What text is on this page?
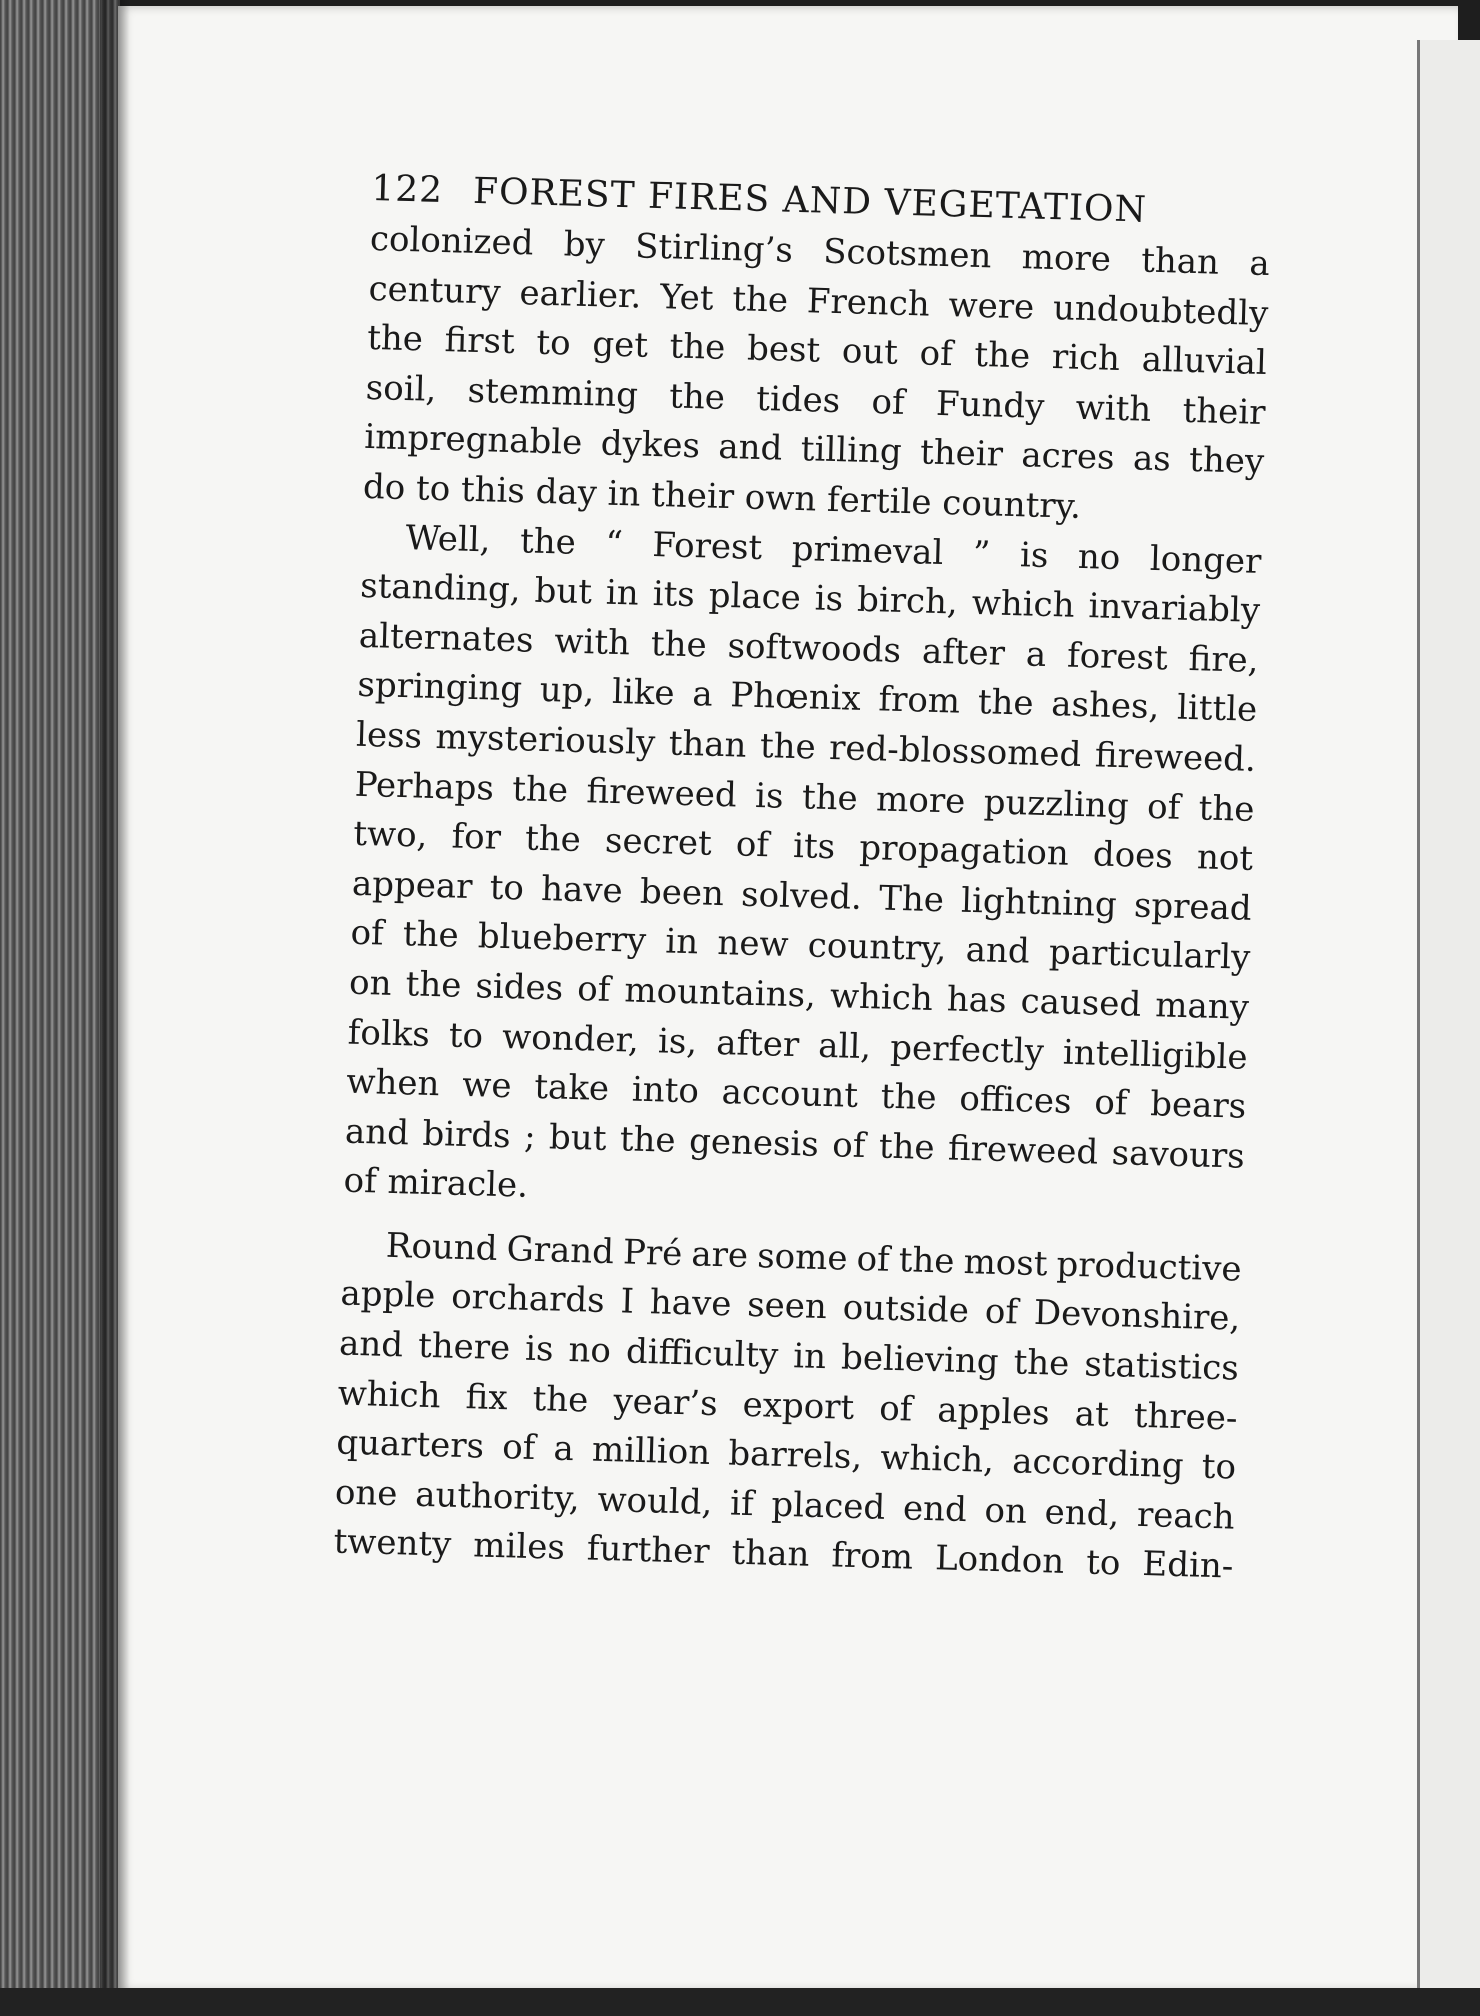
122 FOREST FIRES AND VEGETATION
colonized by Stirling’s Scotsmen more than a
century earlier. Yet the French were undoubtedly
the first to get the best out of the rich alluvial
soil, stemming the tides of Fundy with their
impregnable dykes and tilling their acres as they
do to this day in their own fertile country.
Well, the “ Forest primeval ” is no longer
standing, but in its place is birch, which invariably
alternates with the softwoods after a forest fire,
springing up, like a Phœnix from the ashes, little
less mysteriously than the red-blossomed fireweed.
Perhaps the fireweed is the more puzzling of the
two, for the secret of its propagation does not
appear to have been solved. The lightning spread
of the blueberry in new country, and particularly
on the sides of mountains, which has caused many
folks to wonder, is, after all, perfectly intelligible
when we take into account the offices of bears
and birds ; but the genesis of the fireweed savours
of miracle.
Round Grand Pré are some of the most productive
apple orchards I have seen outside of Devonshire,
and there is no difficulty in believing the statistics
which fix the year’s export of apples at three-
quarters of a million barrels, which, according to
one authority, would, if placed end on end, reach
twenty miles further than from London to Edin-
